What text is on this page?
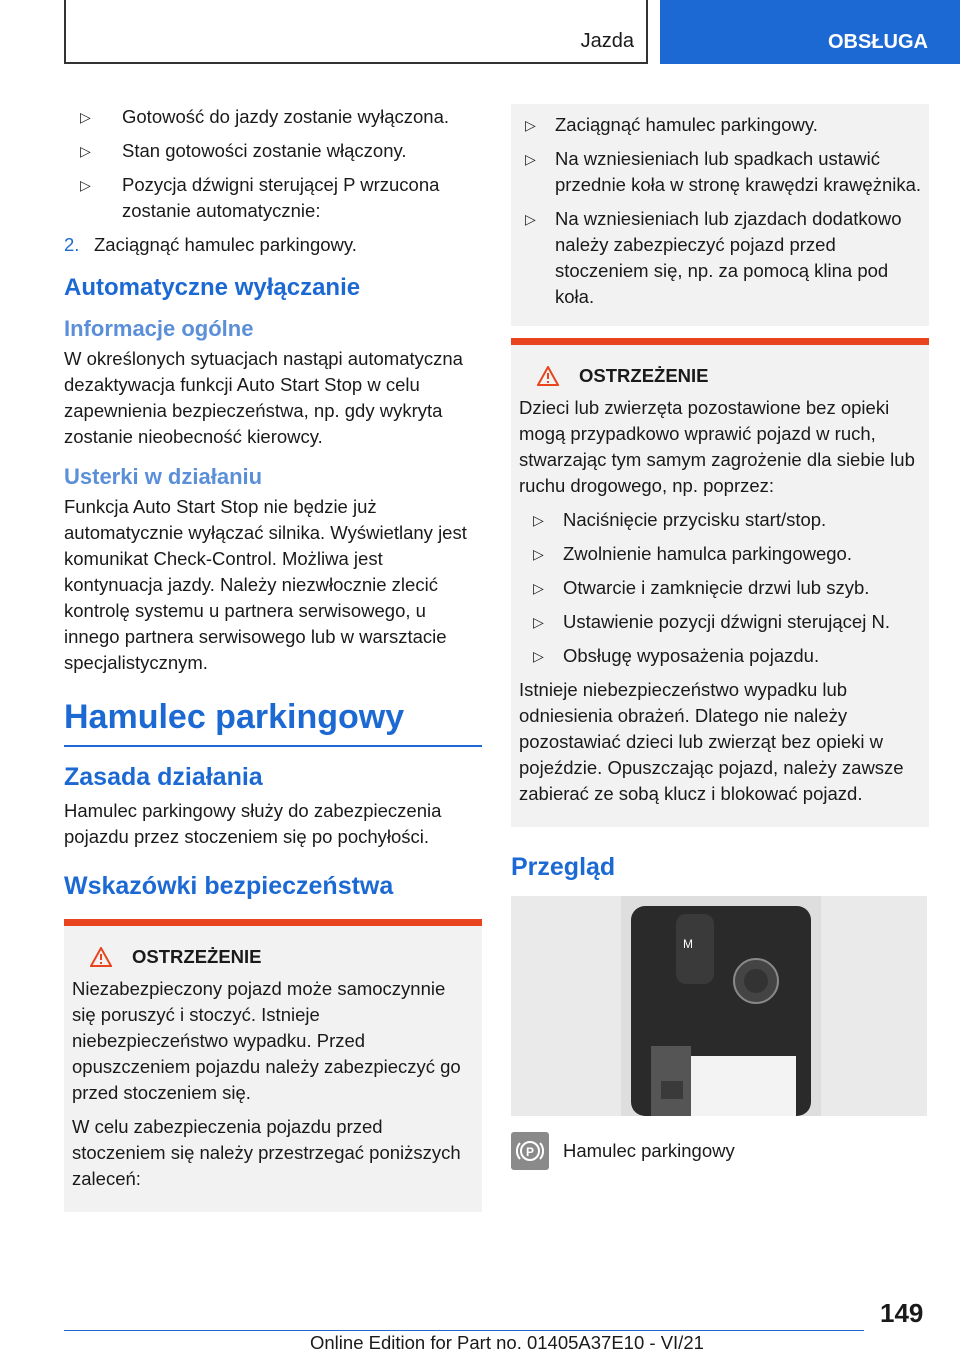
Jazda	OBSŁUGA
▷ Gotowość do jazdy zostanie wyłączona.
▷ Stan gotowości zostanie włączony.
▷ Pozycja dźwigni sterującej P wrzucona zostanie automatycznie:
2. Zaciągnąć hamulec parkingowy.
Automatyczne wyłączanie
Informacje ogólne

W określonych sytuacjach nastąpi automatyczna dezaktywacja funkcji Auto Start Stop w celu zapewnienia bezpieczeństwa, np. gdy wykryta zostanie nieobecność kierowcy.

Usterki w działaniu

Funkcja Auto Start Stop nie będzie już automatycznie wyłączać silnika. Wyświetlany jest komunikat Check-Control. Możliwa jest kontynuacja jazdy. Należy niezwłocznie zlecić kontrolę systemu u partnera serwisowego, u innego partnera serwisowego lub w warsztacie specjalistycznym.

Hamulec parkingowy
Zasada działania

Hamulec parkingowy służy do zabezpieczenia pojazdu przez stoczeniem się po pochyłości.

Wskazówki bezpieczeństwa
OSTRZEŻENIE

Niezabezpieczony pojazd może samoczynnie się poruszyć i stoczyć. Istnieje niebezpieczeństwo wypadku. Przed opuszczeniem pojazdu należy zabezpieczyć go przed stoczeniem się.

W celu zabezpieczenia pojazdu przed stoczeniem się należy przestrzegać poniższych zaleceń:

▷ Zaciągnąć hamulec parkingowy.
▷ Na wzniesieniach lub spadkach ustawić przednie koła w stronę krawędzi krawężnika.
▷ Na wzniesieniach lub zjazdach dodatkowo należy zabezpieczyć pojazd przed stoczeniem się, np. za pomocą klina pod koła.
OSTRZEŻENIE

Dzieci lub zwierzęta pozostawione bez opieki mogą przypadkowo wprawić pojazd w ruch, stwarzając tym samym zagrożenie dla siebie lub ruchu drogowego, np. poprzez:

▷ Naciśnięcie przycisku start/stop.
▷ Zwolnienie hamulca parkingowego.
▷ Otwarcie i zamknięcie drzwi lub szyb.
▷ Ustawienie pozycji dźwigni sterującej N.
▷ Obsługę wyposażenia pojazdu.

Istnieje niebezpieczeństwo wypadku lub odniesienia obrażeń. Dlatego nie należy pozostawiać dzieci lub zwierząt bez opieki w pojeździe. Opuszczając pojazd, należy zawsze zabierać ze sobą klucz i blokować pojazd.

Przegląd
M
P Hamulec parkingowy
149
Online Edition for Part no. 01405A37E10 - VI/21
